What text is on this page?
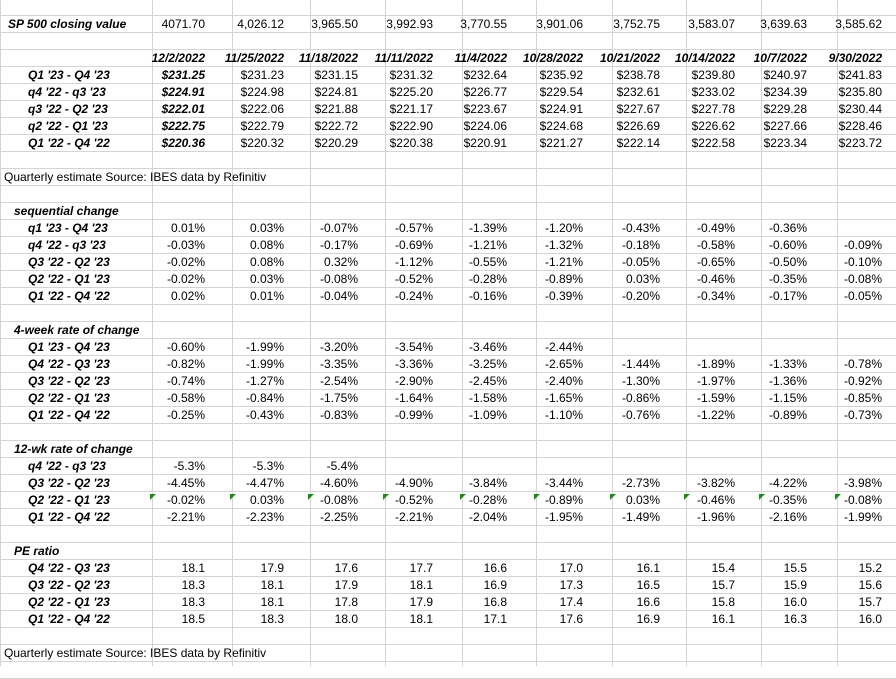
SP 500 closing value	4071.70	4,026.12	3,965.50	3,992.93	3,770.55	3,901.06	3,752.75	3,583.07	3,639.63	3,585.62
12/2/2022	11/25/2022	11/18/2022	11/11/2022	11/4/2022	10/28/2022	10/21/2022	10/14/2022	10/7/2022	9/30/2022
Q1 '23 - Q4 '23	$231.25	$231.23	$231.15	$231.32	$232.64	$235.92	$238.78	$239.80	$240.97	$241.83
q4 '22 - q3 '23	$224.91	$224.98	$224.81	$225.20	$226.77	$229.54	$232.61	$233.02	$234.39	$235.80
q3 '22 - Q2 '23	$222.01	$222.06	$221.88	$221.17	$223.67	$224.91	$227.67	$227.78	$229.28	$230.44
q2 '22 - Q1 '23	$222.75	$222.79	$222.72	$222.90	$224.06	$224.68	$226.69	$226.62	$227.66	$228.46
Q1 '22 - Q4 '22	$220.36	$220.32	$220.29	$220.38	$220.91	$221.27	$222.14	$222.58	$223.34	$223.72
Quarterly estimate Source: IBES data by Refinitiv
sequential change
q1 '23 - Q4 '23	0.01%	0.03%	-0.07%	-0.57%	-1.39%	-1.20%	-0.43%	-0.49%	-0.36%
q4 '22 - q3 '23	-0.03%	0.08%	-0.17%	-0.69%	-1.21%	-1.32%	-0.18%	-0.58%	-0.60%	-0.09%
Q3 '22 - Q2 '23	-0.02%	0.08%	0.32%	-1.12%	-0.55%	-1.21%	-0.05%	-0.65%	-0.50%	-0.10%
Q2 '22 - Q1 '23	-0.02%	0.03%	-0.08%	-0.52%	-0.28%	-0.89%	0.03%	-0.46%	-0.35%	-0.08%
Q1 '22 - Q4 '22	0.02%	0.01%	-0.04%	-0.24%	-0.16%	-0.39%	-0.20%	-0.34%	-0.17%	-0.05%
4-week rate of change
Q1 '23 - Q4 '23	-0.60%	-1.99%	-3.20%	-3.54%	-3.46%	-2.44%
Q4 '22 - Q3 '23	-0.82%	-1.99%	-3.35%	-3.36%	-3.25%	-2.65%	-1.44%	-1.89%	-1.33%	-0.78%
Q3 '22 - Q2 '23	-0.74%	-1.27%	-2.54%	-2.90%	-2.45%	-2.40%	-1.30%	-1.97%	-1.36%	-0.92%
Q2 '22 - Q1 '23	-0.58%	-0.84%	-1.75%	-1.64%	-1.58%	-1.65%	-0.86%	-1.59%	-1.15%	-0.85%
Q1 '22 - Q4 '22	-0.25%	-0.43%	-0.83%	-0.99%	-1.09%	-1.10%	-0.76%	-1.22%	-0.89%	-0.73%
12-wk rate of change
q4 '22 - q3 '23	-5.3%	-5.3%	-5.4%
Q3 '22 - Q2 '23	-4.45%	-4.47%	-4.60%	-4.90%	-3.84%	-3.44%	-2.73%	-3.82%	-4.22%	-3.98%
Q2 '22 - Q1 '23	-0.02%	0.03%	-0.08%	-0.52%	-0.28%	-0.89%	0.03%	-0.46%	-0.35%	-0.08%
Q1 '22 - Q4 '22	-2.21%	-2.23%	-2.25%	-2.21%	-2.04%	-1.95%	-1.49%	-1.96%	-2.16%	-1.99%
PE ratio
Q4 '22 - Q3 '23	18.1	17.9	17.6	17.7	16.6	17.0	16.1	15.4	15.5	15.2
Q3 '22 - Q2 '23	18.3	18.1	17.9	18.1	16.9	17.3	16.5	15.7	15.9	15.6
Q2 '22 - Q1 '23	18.3	18.1	17.8	17.9	16.8	17.4	16.6	15.8	16.0	15.7
Q1 '22 - Q4 '22	18.5	18.3	18.0	18.1	17.1	17.6	16.9	16.1	16.3	16.0
Quarterly estimate Source: IBES data by Refinitiv
